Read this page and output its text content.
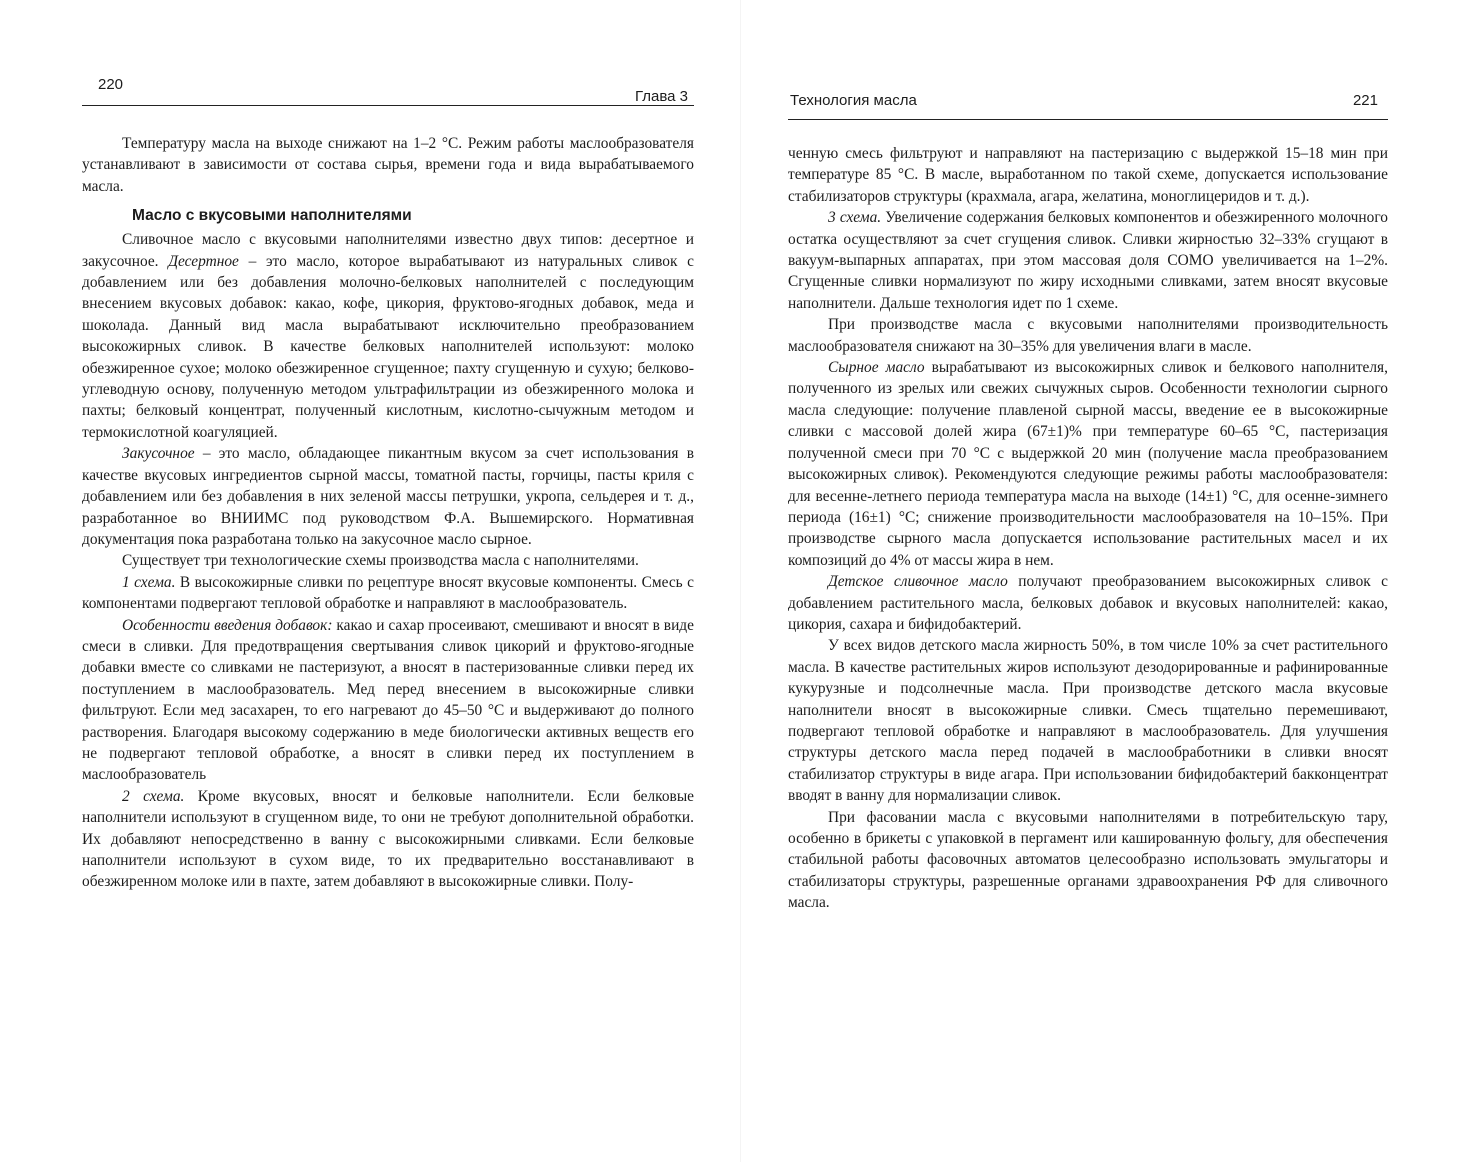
220
Глава 3

Температуру масла на выходе снижают на 1–2 °С. Режим работы маслообразователя устанавливают в зависимости от состава сырья, времени года и вида вырабатываемого масла.

Масло с вкусовыми наполнителями

Сливочное масло с вкусовыми наполнителями известно двух типов: десертное и закусочное. Десертное – это масло, которое вырабатывают из натуральных сливок с добавлением или без добавления молочно-белковых наполнителей с последующим внесением вкусовых добавок: какао, кофе, цикория, фруктово-ягодных добавок, меда и шоколада. Данный вид масла вырабатывают исключительно преобразованием высокожирных сливок. В качестве белковых наполнителей используют: молоко обезжиренное сухое; молоко обезжиренное сгущенное; пахту сгущенную и сухую; белково-углеводную основу, полученную методом ультрафильтрации из обезжиренного молока и пахты; белковый концентрат, полученный кислотным, кислотно-сычужным методом и термокислотной коагуляцией.

Закусочное – это масло, обладающее пикантным вкусом за счет использования в качестве вкусовых ингредиентов сырной массы, томатной пасты, горчицы, пасты криля с добавлением или без добавления в них зеленой массы петрушки, укропа, сельдерея и т. д., разработанное во ВНИИМС под руководством Ф.А. Вышемирского. Нормативная документация пока разработана только на закусочное масло сырное.

Существует три технологические схемы производства масла с наполнителями.

1 схема. В высокожирные сливки по рецептуре вносят вкусовые компоненты. Смесь с компонентами подвергают тепловой обработке и направляют в маслообразователь.

Особенности введения добавок: какао и сахар просеивают, смешивают и вносят в виде смеси в сливки. Для предотвращения свертывания сливок цикорий и фруктово-ягодные добавки вместе со сливками не пастеризуют, а вносят в пастеризованные сливки перед их поступлением в маслообразователь. Мед перед внесением в высокожирные сливки фильтруют. Если мед засахарен, то его нагревают до 45–50 °С и выдерживают до полного растворения. Благодаря высокому содержанию в меде биологически активных веществ его не подвергают тепловой обработке, а вносят в сливки перед их поступлением в маслообразователь

2 схема. Кроме вкусовых, вносят и белковые наполнители. Если белковые наполнители используют в сгущенном виде, то они не требуют дополнительной обработки. Их добавляют непосредственно в ванну с высокожирными сливками. Если белковые наполнители используют в сухом виде, то их предварительно восстанавливают в обезжиренном молоке или в пахте, затем добавляют в высокожирные сливки. Полу-

Технология масла	221

ченную смесь фильтруют и направляют на пастеризацию с выдержкой 15–18 мин при температуре 85 °С. В масле, выработанном по такой схеме, допускается использование стабилизаторов структуры (крахмала, агара, желатина, моноглицеридов и т. д.).

3 схема. Увеличение содержания белковых компонентов и обезжиренного молочного остатка осуществляют за счет сгущения сливок. Сливки жирностью 32–33% сгущают в вакуум-выпарных аппаратах, при этом массовая доля СОМО увеличивается на 1–2%. Сгущенные сливки нормализуют по жиру исходными сливками, затем вносят вкусовые наполнители. Дальше технология идет по 1 схеме.

При производстве масла с вкусовыми наполнителями производительность маслообразователя снижают на 30–35% для увеличения влаги в масле.

Сырное масло вырабатывают из высокожирных сливок и белкового наполнителя, полученного из зрелых или свежих сычужных сыров. Особенности технологии сырного масла следующие: получение плавленой сырной массы, введение ее в высокожирные сливки с массовой долей жира (67±1)% при температуре 60–65 °С, пастеризация полученной смеси при 70 °С с выдержкой 20 мин (получение масла преобразованием высокожирных сливок). Рекомендуются следующие режимы работы маслообразователя: для весенне-летнего периода температура масла на выходе (14±1) °С, для осенне-зимнего периода (16±1) °С; снижение производительности маслообразователя на 10–15%. При производстве сырного масла допускается использование растительных масел и их композиций до 4% от массы жира в нем.

Детское сливочное масло получают преобразованием высокожирных сливок с добавлением растительного масла, белковых добавок и вкусовых наполнителей: какао, цикория, сахара и бифидобактерий.

У всех видов детского масла жирность 50%, в том числе 10% за счет растительного масла. В качестве растительных жиров используют дезодорированные и рафинированные кукурузные и подсолнечные масла. При производстве детского масла вкусовые наполнители вносят в высокожирные сливки. Смесь тщательно перемешивают, подвергают тепловой обработке и направляют в маслообразователь. Для улучшения структуры детского масла перед подачей в маслообработники в сливки вносят стабилизатор структуры в виде агара. При использовании бифидобактерий бакконцентрат вводят в ванну для нормализации сливок.

При фасовании масла с вкусовыми наполнителями в потребительскую тару, особенно в брикеты с упаковкой в пергамент или кашированную фольгу, для обеспечения стабильной работы фасовочных автоматов целесообразно использовать эмульгаторы и стабилизаторы структуры, разрешенные органами здравоохранения РФ для сливочного масла.
